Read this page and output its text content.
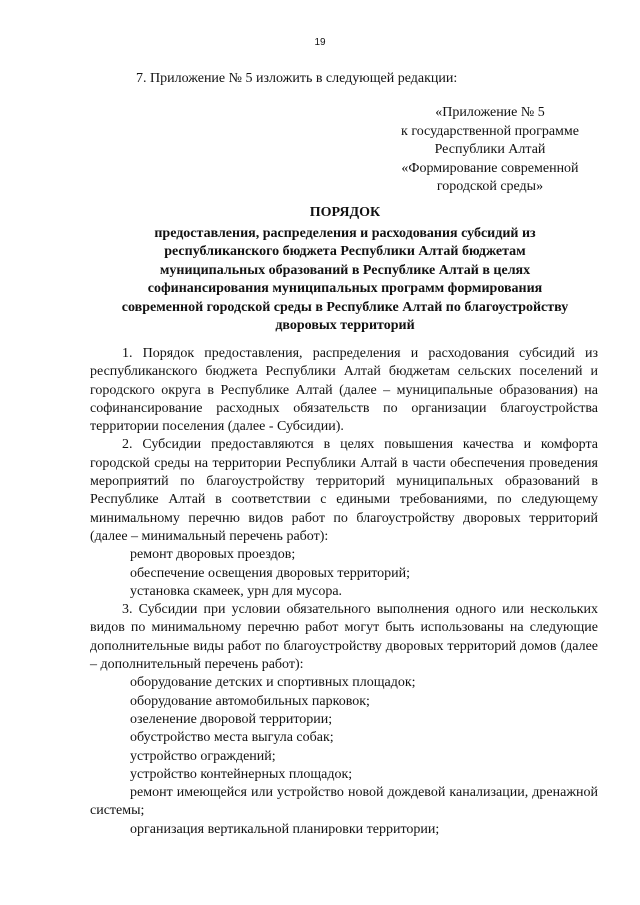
19
7. Приложение № 5 изложить в следующей редакции:
«Приложение № 5
к государственной программе
Республики Алтай
«Формирование современной
городской среды»
ПОРЯДОК
предоставления, распределения и расходования субсидий из
республиканского бюджета Республики Алтай бюджетам
муниципальных образований в Республике Алтай в целях
софинансирования муниципальных программ формирования
современной городской среды в Республике Алтай по благоустройству
дворовых территорий

1. Порядок предоставления, распределения и расходования субсидий из республиканского бюджета Республики Алтай бюджетам сельских поселений и городского округа в Республике Алтай (далее – муниципальные образования) на софинансирование расходных обязательств по организации благоустройства территории поселения (далее - Субсидии).

2. Субсидии предоставляются в целях повышения качества и комфорта городской среды на территории Республики Алтай в части обеспечения проведения мероприятий по благоустройству территорий муниципальных образований в Республике Алтай в соответствии с едиными требованиями, по следующему минимальному перечню видов работ по благоустройству дворовых территорий (далее – минимальный перечень работ):

ремонт дворовых проездов;

обеспечение освещения дворовых территорий;

установка скамеек, урн для мусора.

3. Субсидии при условии обязательного выполнения одного или нескольких видов по минимальному перечню работ могут быть использованы на следующие дополнительные виды работ по благоустройству дворовых территорий домов (далее – дополнительный перечень работ):

оборудование детских и спортивных площадок;

оборудование автомобильных парковок;

озеленение дворовой территории;

обустройство места выгула собак;

устройство ограждений;

устройство контейнерных площадок;

ремонт имеющейся или устройство новой дождевой канализации, дренажной системы;

организация вертикальной планировки территории;
